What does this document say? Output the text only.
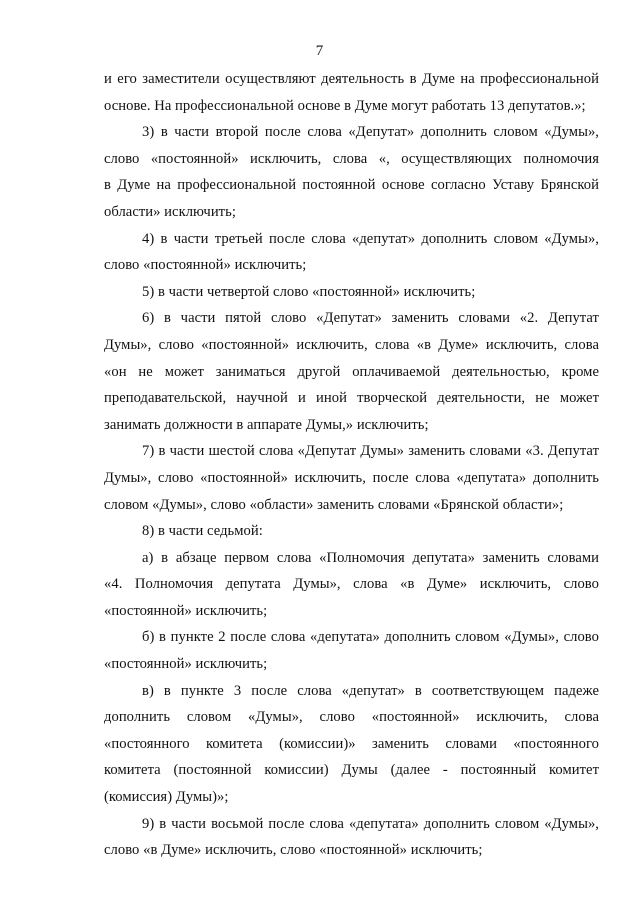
7
и его заместители осуществляют деятельность в Думе на профессиональной
основе. На профессиональной основе в Думе могут работать 13 депутатов.»;
3) в части второй после слова «Депутат» дополнить словом «Думы»,
слово «постоянной» исключить, слова «, осуществляющих полномочия
в Думе на профессиональной постоянной основе согласно Уставу Брянской
области» исключить;
4) в части третьей после слова «депутат» дополнить словом «Думы»,
слово «постоянной» исключить;
5) в части четвертой слово «постоянной» исключить;
6) в части пятой слово «Депутат» заменить словами «2. Депутат
Думы», слово «постоянной» исключить, слова «в Думе» исключить, слова
«он не может заниматься другой оплачиваемой деятельностью, кроме
преподавательской, научной и иной творческой деятельности, не может
занимать должности в аппарате Думы,» исключить;
7) в части шестой слова «Депутат Думы» заменить словами «3. Депутат
Думы», слово «постоянной» исключить, после слова «депутата» дополнить
словом «Думы», слово «области» заменить словами «Брянской области»;
8) в части седьмой:
а) в абзаце первом слова «Полномочия депутата» заменить словами
«4. Полномочия депутата Думы», слова «в Думе» исключить, слово
«постоянной» исключить;
б) в пункте 2 после слова «депутата» дополнить словом «Думы», слово
«постоянной» исключить;
в) в пункте 3 после слова «депутат» в соответствующем падеже
дополнить словом «Думы», слово «постоянной» исключить, слова
«постоянного комитета (комиссии)» заменить словами «постоянного
комитета (постоянной комиссии) Думы (далее - постоянный комитет
(комиссия) Думы)»;
9) в части восьмой после слова «депутата» дополнить словом «Думы»,
слово «в Думе» исключить, слово «постоянной» исключить;
